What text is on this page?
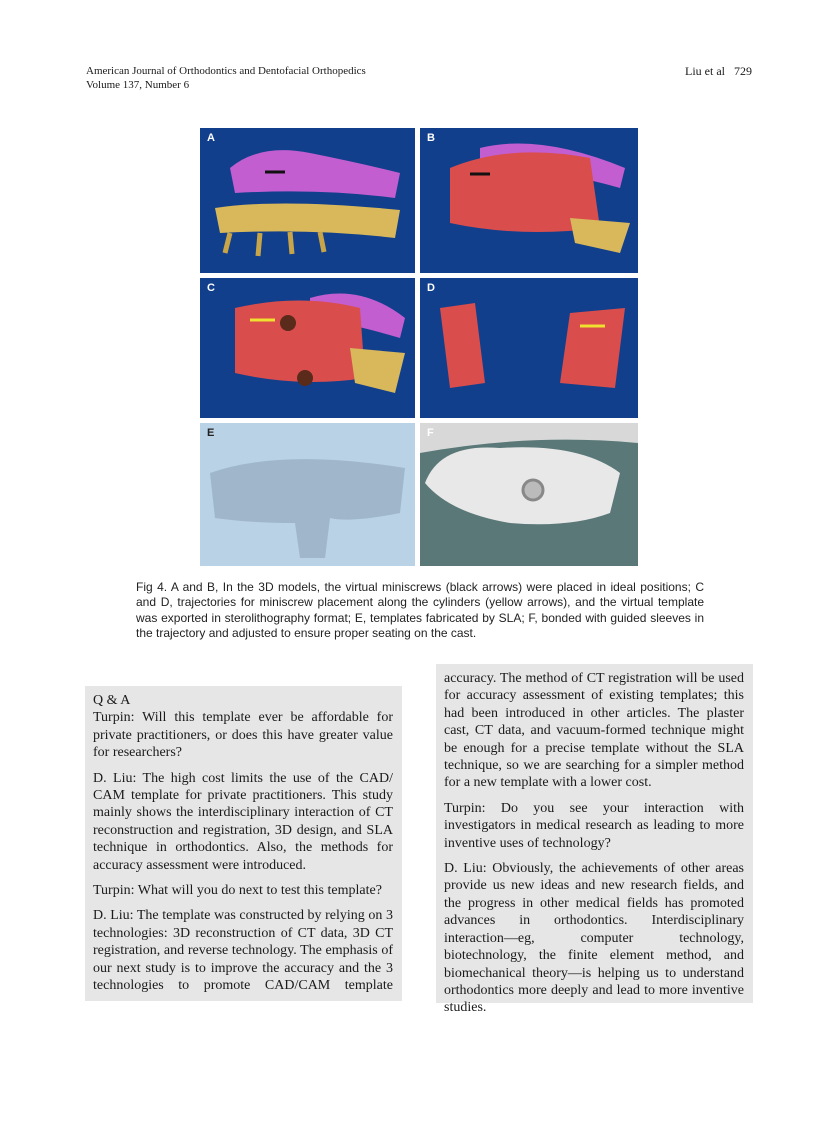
American Journal of Orthodontics and Dentofacial Orthopedics
Volume 137, Number 6
Liu et al 729
A	B
C	D
E	F
Fig 4. A and B, In the 3D models, the virtual miniscrews (black arrows) were placed in ideal positions; C and D, trajectories for miniscrew placement along the cylinders (yellow arrows), and the virtual template was exported in sterolithography format; E, templates fabricated by SLA; F, bonded with guided sleeves in the trajectory and adjusted to ensure proper seating on the cast.
Q & A

Turpin: Will this template ever be affordable for private practitioners, or does this have greater value for researchers?

D. Liu: The high cost limits the use of the CAD/ CAM template for private practitioners. This study mainly shows the interdisciplinary interaction of CT reconstruction and registration, 3D design, and SLA technique in orthodontics. Also, the methods for accuracy assessment were introduced.

Turpin: What will you do next to test this template?

D. Liu: The template was constructed by relying on 3 technologies: 3D reconstruction of CT data, 3D CT registration, and reverse technology. The emphasis of our next study is to improve the accuracy and the 3 technologies to promote CAD/CAM template

accuracy. The method of CT registration will be used for accuracy assessment of existing templates; this had been introduced in other articles. The plaster cast, CT data, and vacuum-formed technique might be enough for a precise template without the SLA technique, so we are searching for a simpler method for a new template with a lower cost.

Turpin: Do you see your interaction with investigators in medical research as leading to more inventive uses of technology?

D. Liu: Obviously, the achievements of other areas provide us new ideas and new research fields, and the progress in other medical fields has promoted advances in orthodontics. Interdisciplinary interaction—eg, computer technology, biotechnology, the finite element method, and biomechanical theory—is helping us to understand orthodontics more deeply and lead to more inventive studies.
